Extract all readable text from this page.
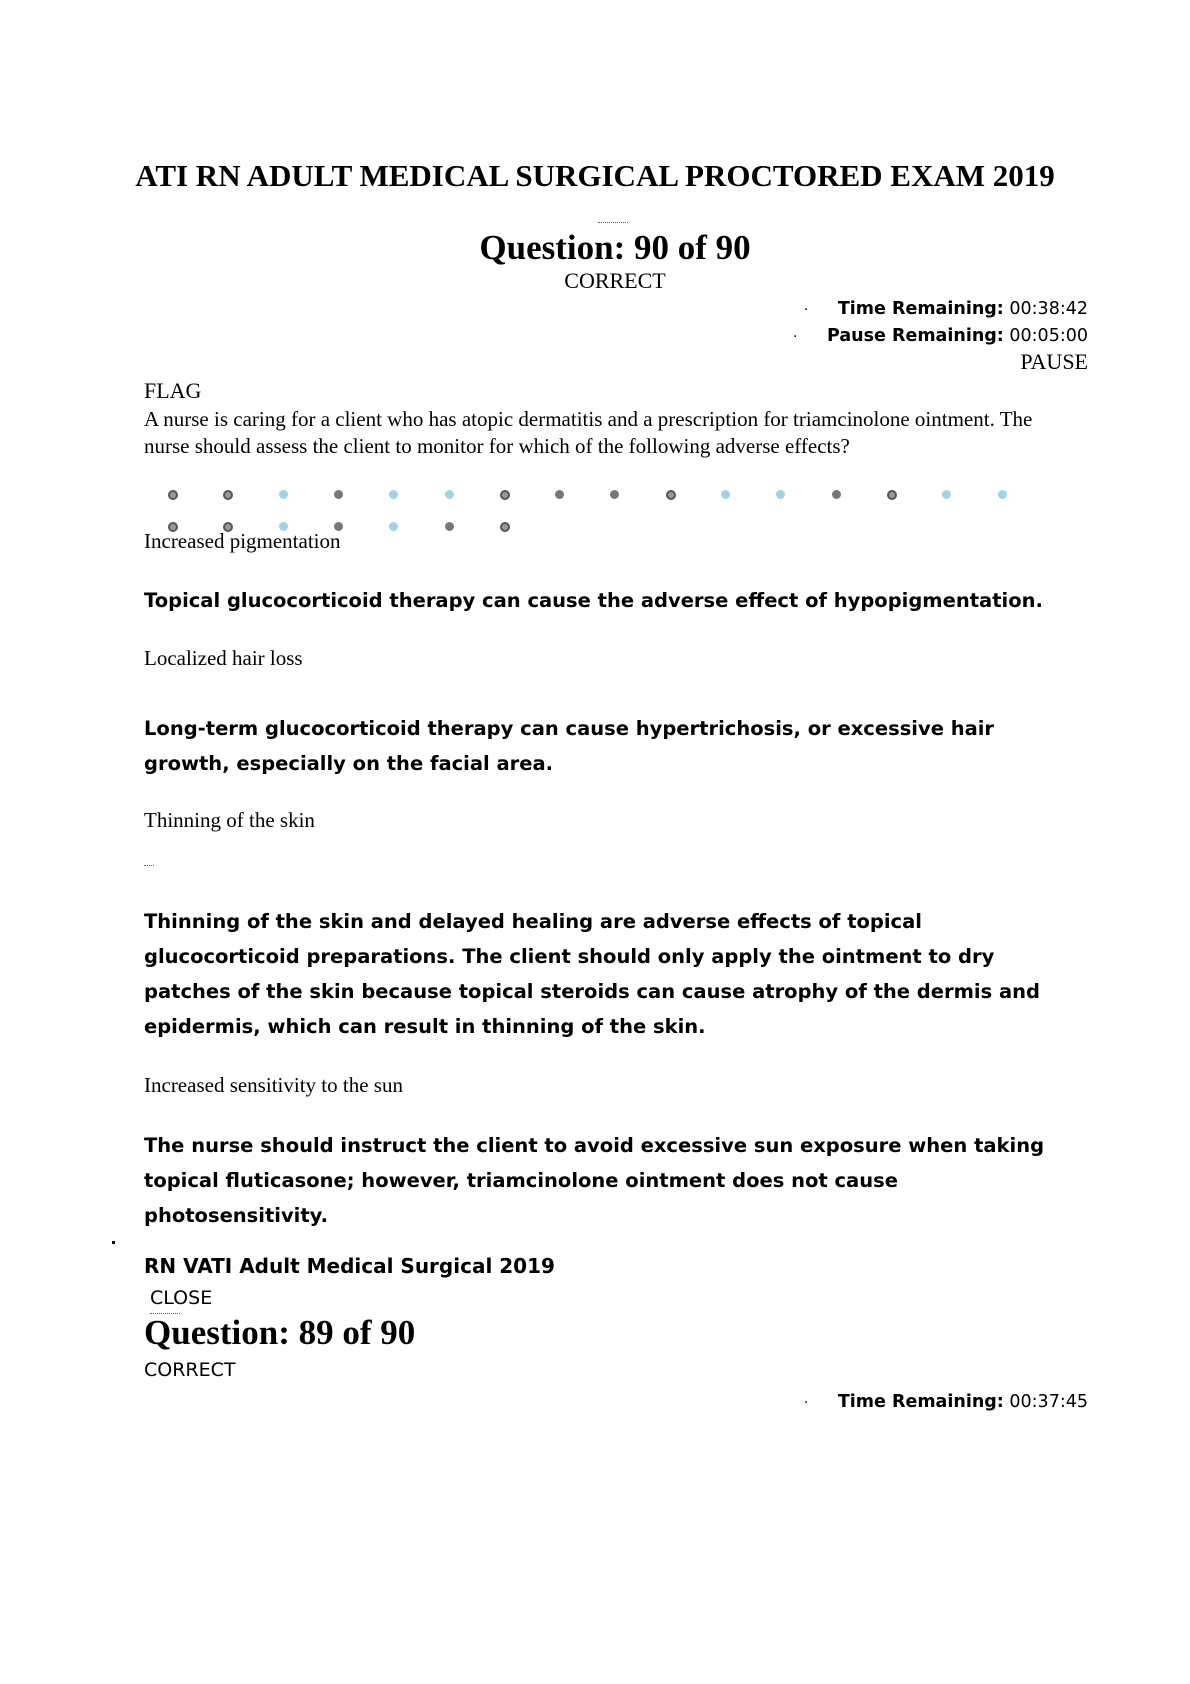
ATI RN ADULT MEDICAL SURGICAL PROCTORED EXAM 2019
Question: 90 of 90
CORRECT
· Time Remaining: 00:38:42
· Pause Remaining: 00:05:00
PAUSE
FLAG
A nurse is caring for a client who has atopic dermatitis and a prescription for triamcinolone ointment. The nurse should assess the client to monitor for which of the following adverse effects?
Increased pigmentation
Topical glucocorticoid therapy can cause the adverse effect of hypopigmentation.
Localized hair loss
Long-term glucocorticoid therapy can cause hypertrichosis, or excessive hair growth, especially on the facial area.
Thinning of the skin
Thinning of the skin and delayed healing are adverse effects of topical glucocorticoid preparations. The client should only apply the ointment to dry patches of the skin because topical steroids can cause atrophy of the dermis and epidermis, which can result in thinning of the skin.
Increased sensitivity to the sun
The nurse should instruct the client to avoid excessive sun exposure when taking topical fluticasone; however, triamcinolone ointment does not cause photosensitivity.
RN VATI Adult Medical Surgical 2019
CLOSE
Question: 89 of 90
CORRECT
· Time Remaining: 00:37:45
